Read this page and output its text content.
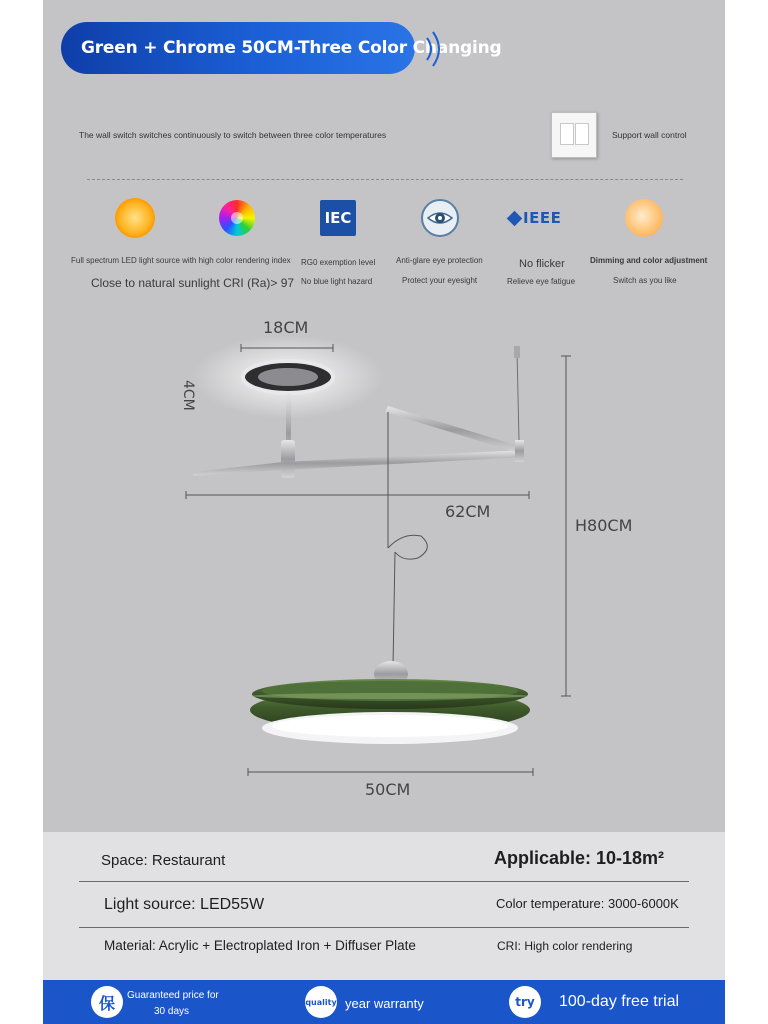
Green + Chrome 50CM-Three Color Changing
The wall switch switches continuously to switch between three color temperatures	Support wall control
IEC	IEEE
Full spectrum LED light source with high color rendering index
Close to natural sunlight CRI (Ra)> 97
RG0 exemption level
No blue light hazard
Anti-glare eye protection
Protect your eyesight
No flicker
Relieve eye fatigue
Dimming and color adjustment
Switch as you like
18CM
4CM
62CM
H80CM
50CM
Space: Restaurant	Applicable: 10-18m²
Light source: LED55W	Color temperature: 3000-6000K
Material: Acrylic + Electroplated Iron + Diffuser Plate	CRI: High color rendering
保	Guaranteed price for
30 days
quality year warranty	try	100-day free trial
